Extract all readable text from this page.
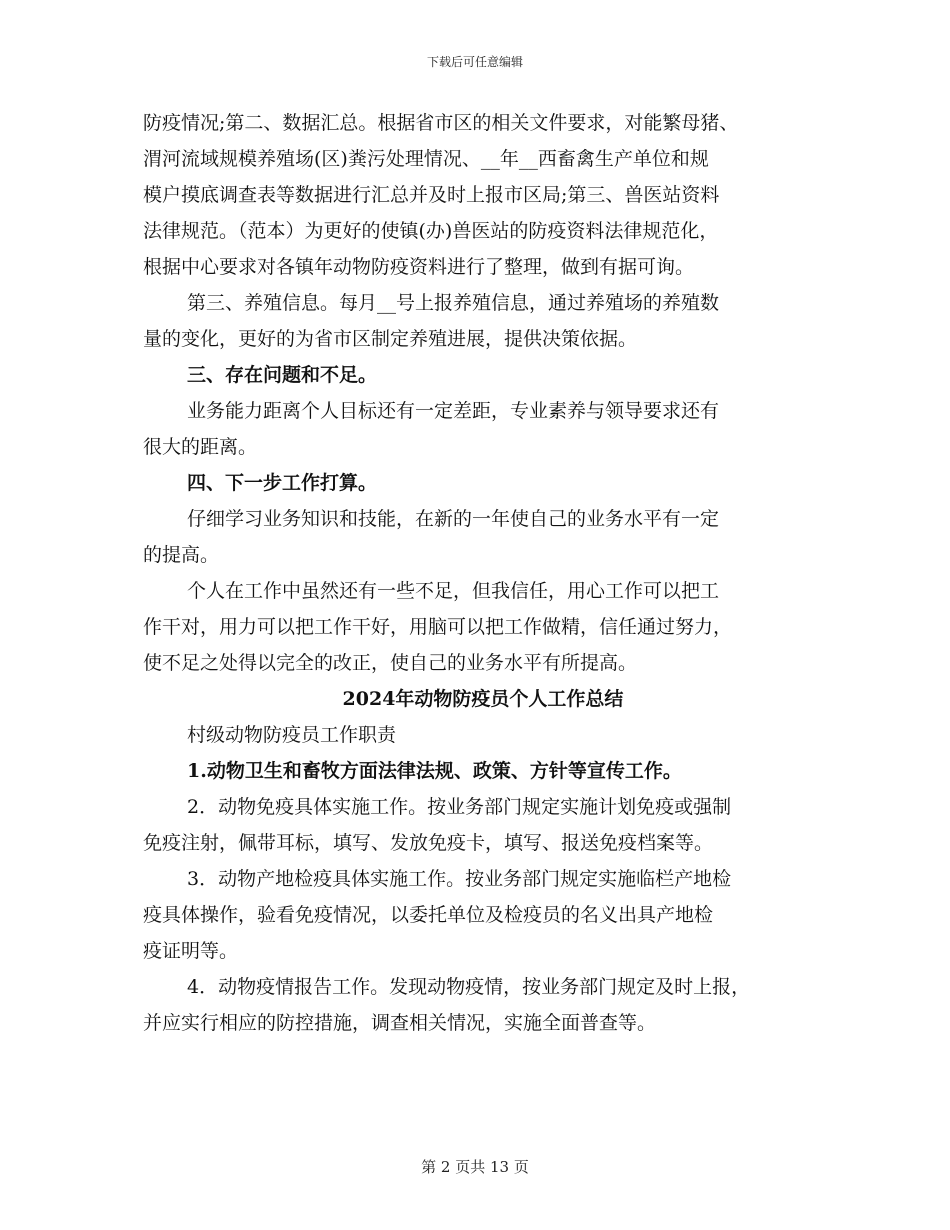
下载后可任意编辑
防疫情况;第二、数据汇总。根据省市区的相关文件要求，对能繁母猪、
渭河流域规模养殖场(区)粪污处理情况、__年__西畜禽生产单位和规
模户摸底调查表等数据进行汇总并及时上报市区局;第三、兽医站资料
法律规范。（范本）为更好的使镇(办)兽医站的防疫资料法律规范化，
根据中心要求对各镇年动物防疫资料进行了整理，做到有据可询。
第三、养殖信息。每月__号上报养殖信息，通过养殖场的养殖数
量的变化，更好的为省市区制定养殖进展，提供决策依据。
三、存在问题和不足。
业务能力距离个人目标还有一定差距，专业素养与领导要求还有
很大的距离。
四、下一步工作打算。
仔细学习业务知识和技能，在新的一年使自己的业务水平有一定
的提高。
个人在工作中虽然还有一些不足，但我信任，用心工作可以把工
作干对，用力可以把工作干好，用脑可以把工作做精，信任通过努力，
使不足之处得以完全的改正，使自己的业务水平有所提高。
2024年动物防疫员个人工作总结
村级动物防疫员工作职责
1.动物卫生和畜牧方面法律法规、政策、方针等宣传工作。
2．动物免疫具体实施工作。按业务部门规定实施计划免疫或强制
免疫注射，佩带耳标，填写、发放免疫卡，填写、报送免疫档案等。
3．动物产地检疫具体实施工作。按业务部门规定实施临栏产地检
疫具体操作，验看免疫情况，以委托单位及检疫员的名义出具产地检
疫证明等。
4．动物疫情报告工作。发现动物疫情，按业务部门规定及时上报，
并应实行相应的防控措施，调查相关情况，实施全面普查等。
第 2 页共 13 页
